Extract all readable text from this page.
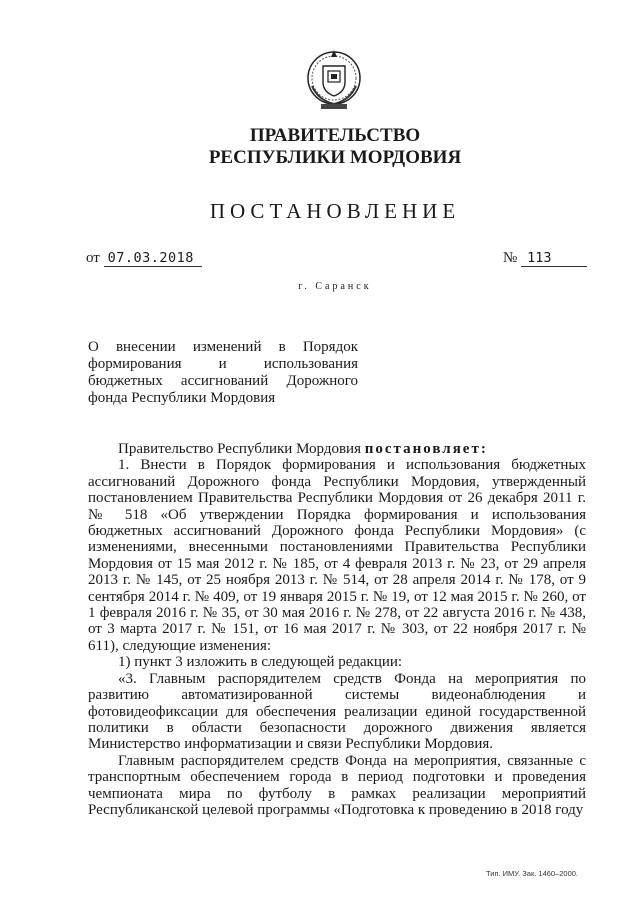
ПРАВИТЕЛЬСТВО
РЕСПУБЛИКИ МОРДОВИЯ
ПОСТАНОВЛЕНИЕ
от 07.03.2018	№ 113
г. Саранск
О внесении изменений в Порядок формирования и использования бюджетных ассигнований Дорожного фонда Республики Мордовия

Правительство Республики Мордовия постановляет:

1. Внести в Порядок формирования и использования бюджетных ассигнований Дорожного фонда Республики Мордовия, утвержденный постановлением Правительства Республики Мордовия от 26 декабря 2011 г. № 518 «Об утверждении Порядка формирования и использования бюджетных ассигнований Дорожного фонда Республики Мордовия» (с изменениями, внесенными постановлениями Правительства Республики Мордовия от 15 мая 2012 г. № 185, от 4 февраля 2013 г. № 23, от 29 апреля 2013 г. № 145, от 25 ноября 2013 г. № 514, от 28 апреля 2014 г. № 178, от 9 сентября 2014 г. № 409, от 19 января 2015 г. № 19, от 12 мая 2015 г. № 260, от 1 февраля 2016 г. № 35, от 30 мая 2016 г. № 278, от 22 августа 2016 г. № 438, от 3 марта 2017 г. № 151, от 16 мая 2017 г. № 303, от 22 ноября 2017 г. № 611), следующие изменения:

1) пункт 3 изложить в следующей редакции:

«3. Главным распорядителем средств Фонда на мероприятия по развитию автоматизированной системы видеонаблюдения и фотовидеофиксации для обеспечения реализации единой государственной политики в области безопасности дорожного движения является Министерство информатизации и связи Республики Мордовия.

Главным распорядителем средств Фонда на мероприятия, связанные с транспортным обеспечением города в период подготовки и проведения чемпионата мира по футболу в рамках реализации мероприятий Республиканской целевой программы «Подготовка к проведению в 2018 году

Тип. ИМУ. Зак. 1460–2000.
